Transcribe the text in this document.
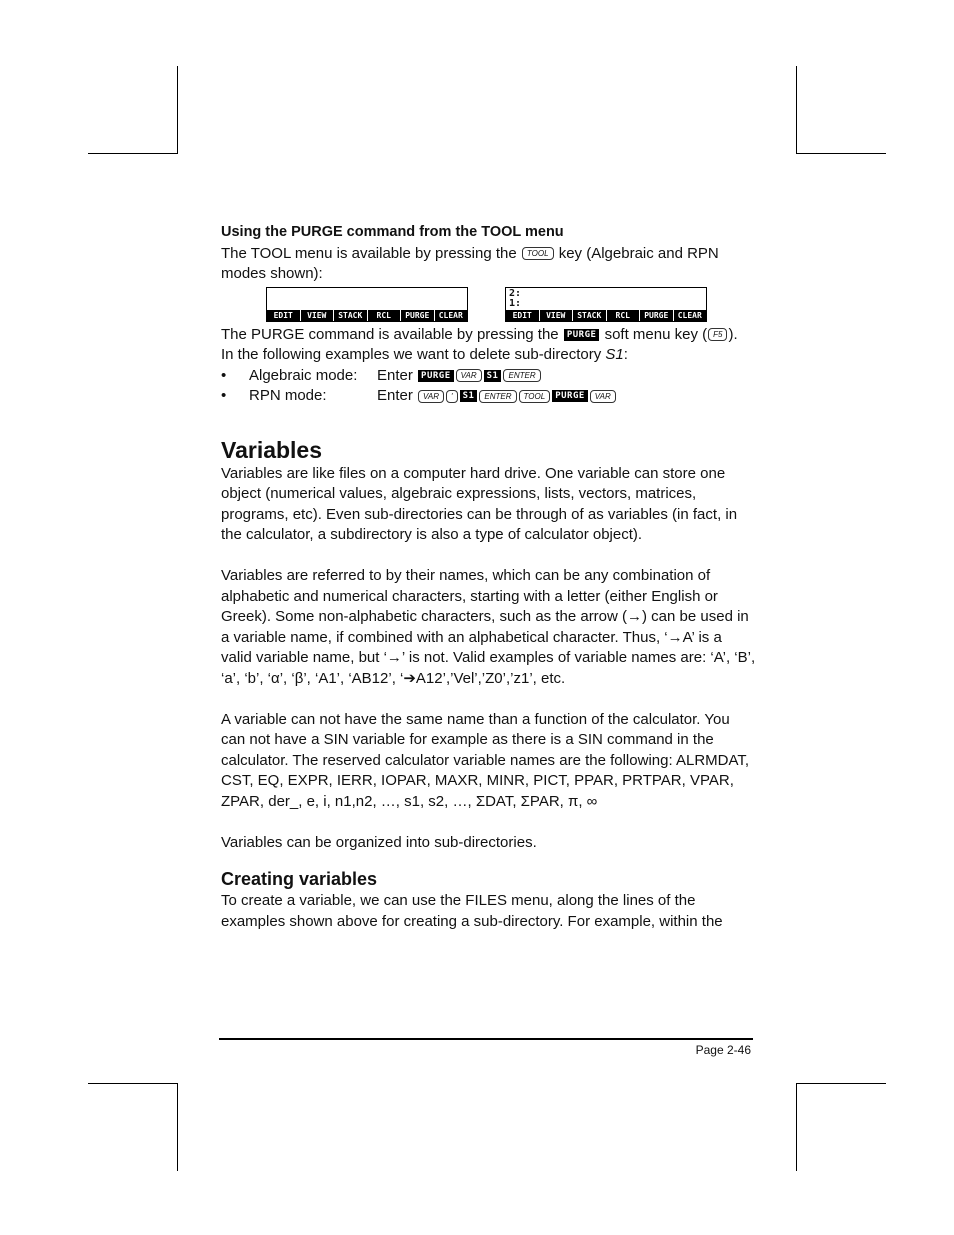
Using the PURGE command from the TOOL menu

The TOOL menu is available by pressing the TOOL key (Algebraic and RPN modes shown):

EDIT	VIEW	STACK	RCL	PURGE	CLEAR
2:
1:
EDIT	VIEW	STACK	RCL	PURGE	CLEAR

The PURGE command is available by pressing the PURGE soft menu key ( F5 ).

In the following examples we want to delete sub-directory S1:

• Algebraic mode: Enter PURGE VAR S1 ENTER
• RPN mode:	Enter VAR ' S1 ENTER TOOL PURGE VAR
Variables

Variables are like files on a computer hard drive. One variable can store one object (numerical values, algebraic expressions, lists, vectors, matrices, programs, etc). Even sub-directories can be through of as variables (in fact, in the calculator, a subdirectory is also a type of calculator object).

Variables are referred to by their names, which can be any combination of alphabetic and numerical characters, starting with a letter (either English or Greek). Some non-alphabetic characters, such as the arrow (→) can be used in a variable name, if combined with an alphabetical character. Thus, ‘→A’ is a valid variable name, but ‘→’ is not. Valid examples of variable names are: ‘A’, ‘B’, ‘a’, ‘b’, ‘α’, ‘β’, ‘A1’, ‘AB12’, ‘➔A12’,’Vel’,’Z0’,’z1’, etc.

A variable can not have the same name than a function of the calculator. You can not have a SIN variable for example as there is a SIN command in the calculator. The reserved calculator variable names are the following: ALRMDAT, CST, EQ, EXPR, IERR, IOPAR, MAXR, MINR, PICT, PPAR, PRTPAR, VPAR, ZPAR, der_, e, i, n1,n2, …, s1, s2, …, ΣDAT, ΣPAR, π, ∞

Variables can be organized into sub-directories.

Creating variables

To create a variable, we can use the FILES menu, along the lines of the examples shown above for creating a sub-directory. For example, within the

Page 2-46
